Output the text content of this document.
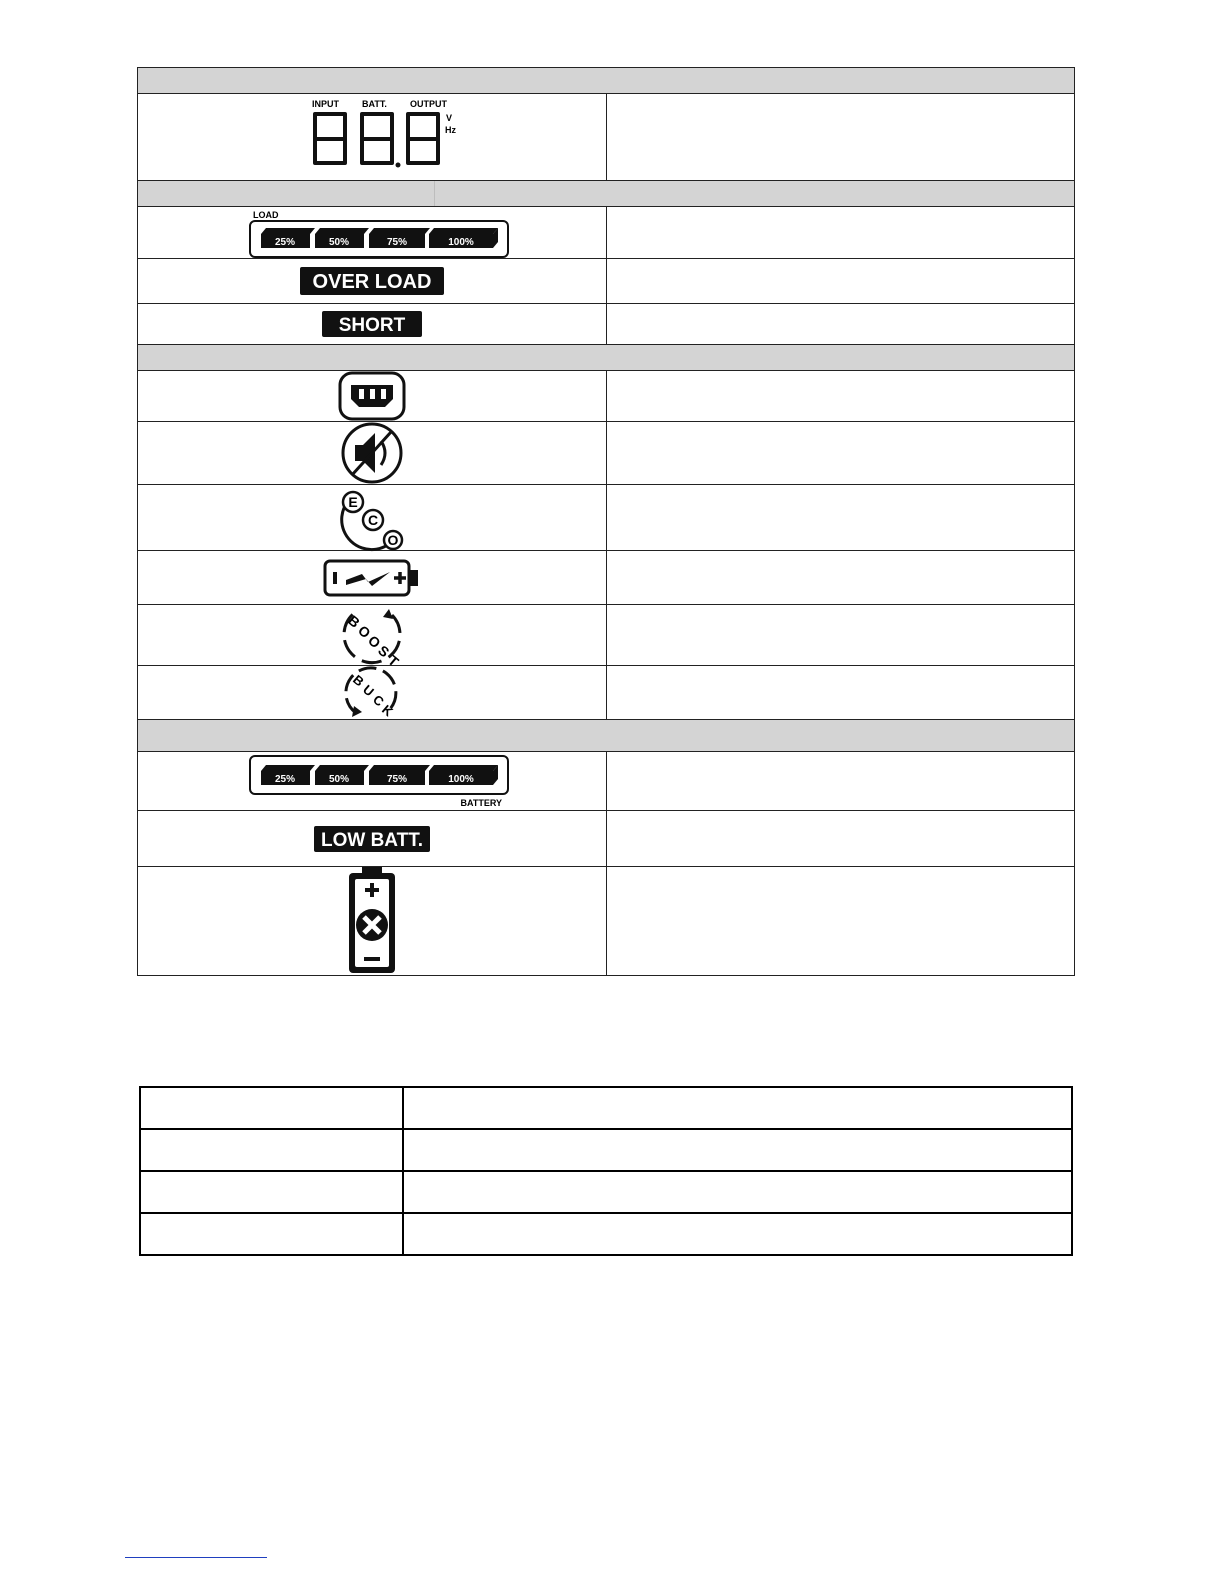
INPUT BATT. OUTPUT
V
Hz	

LOAD
25% 50% 75% 100%	

OVER LOAD	

SHORT	

E
C
O	

B
O
O
S
T	

B
U
C
K	

25% 50% 75% 100%
BATTERY	

LOW BATT.	
